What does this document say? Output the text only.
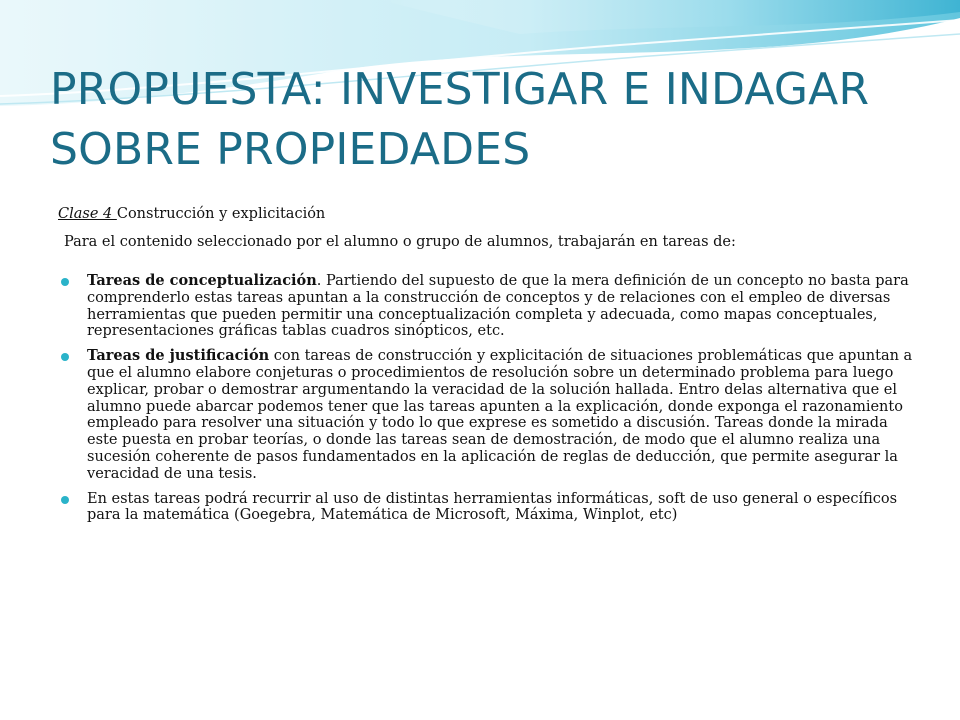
PROPUESTA: INVESTIGAR E INDAGAR SOBRE PROPIEDADES

Clase 4 Construcción y explicitación

Para el contenido seleccionado por el alumno o grupo de alumnos, trabajarán en tareas de:

Tareas de conceptualización. Partiendo del supuesto de que la mera definición de un concepto no basta para comprenderlo estas tareas apuntan a la construcción de conceptos y de relaciones con el empleo de diversas herramientas que pueden permitir una conceptualización completa y adecuada, como mapas conceptuales, representaciones gráficas tablas cuadros sinópticos, etc.
Tareas de justificación con tareas de construcción y explicitación de situaciones problemáticas que apuntan a que el alumno elabore conjeturas o procedimientos de resolución sobre un determinado problema para luego explicar, probar o demostrar argumentando la veracidad de la solución hallada. Entro delas alternativa que el alumno puede abarcar podemos tener que las tareas apunten a la explicación, donde exponga el razonamiento empleado para resolver una situación y todo lo que exprese es sometido a discusión. Tareas donde la mirada este puesta en probar teorías, o donde las tareas sean de demostración, de modo que el alumno realiza una sucesión coherente de pasos fundamentados en la aplicación de reglas de deducción, que permite asegurar la veracidad de una tesis.
En estas tareas podrá recurrir al uso de distintas herramientas informáticas, soft de uso general o específicos para la matemática (Goegebra, Matemática de Microsoft, Máxima, Winplot, etc)
